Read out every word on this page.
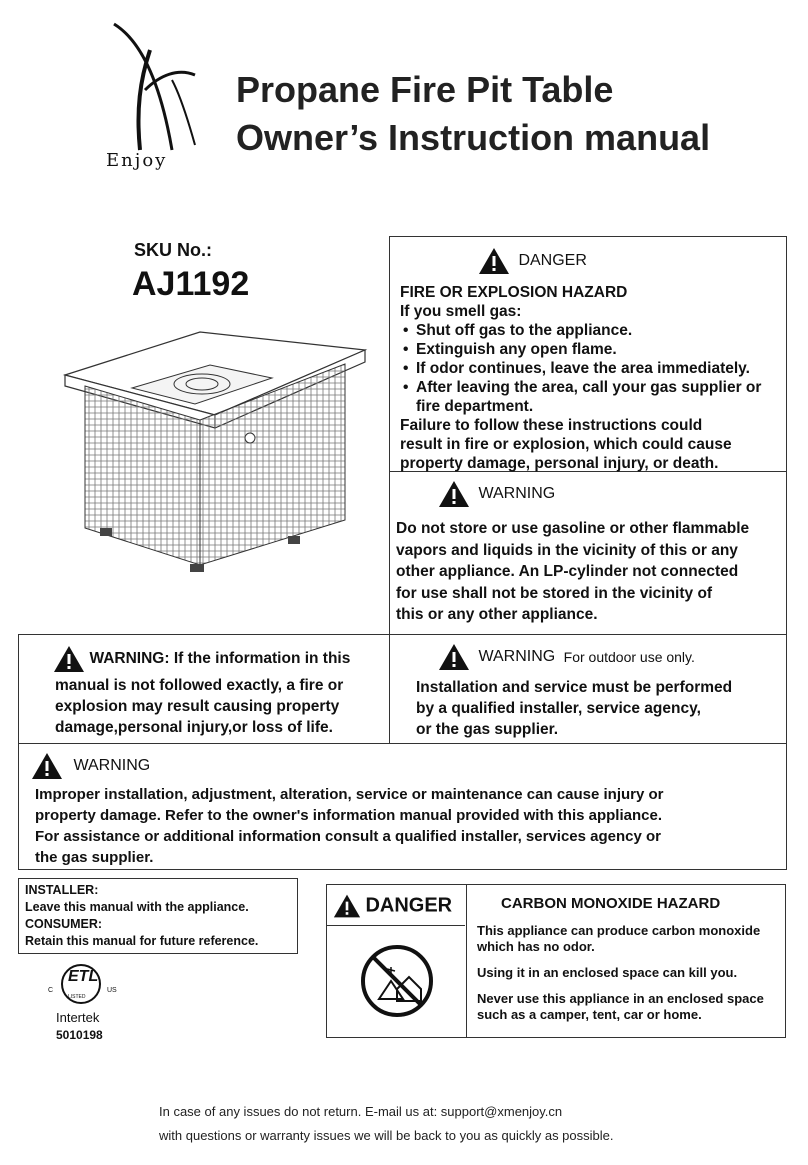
Enjoy
Propane Fire Pit Table
Owner’s Instruction manual
SKU No.:
AJ1192
DANGER

FIRE OR EXPLOSION HAZARD

If you smell gas:

• Shut off gas to the appliance.
• Extinguish any open flame.
• If odor continues, leave the area immediately.
• After leaving the area, call your gas supplier or fire department.

Failure to follow these instructions could

result in fire or explosion, which could cause

property damage, personal injury, or death.

WARNING

Do not store or use gasoline or other flammable

vapors and liquids in the vicinity of this or any

other appliance. An LP-cylinder not connected

for use shall not be stored in the vicinity of

this or any other appliance.

WARNING: If the information in this

manual is not followed exactly, a fire or

explosion may result causing property

damage,personal injury,or loss of life.

WARNING For outdoor use only.

Installation and service must be performed

by a qualified installer, service agency,

or the gas supplier.

WARNING

Improper installation, adjustment, alteration, service or maintenance can cause injury or

property damage. Refer to the owner's information manual provided with this appliance.

For assistance or additional information consult a qualified installer, services agency or

the gas supplier.

INSTALLER:
Leave this manual with the appliance.
CONSUMER:
Retain this manual for future reference.
ETL
C	US
LISTED
Intertek
5010198
DANGER	CARBON MONOXIDE HAZARD

This appliance can produce carbon monoxide which has no odor.

Using it in an enclosed space can kill you.

Never use this appliance in an enclosed space such as a camper, tent, car or home.

In case of any issues do not return. E-mail us at: support@xmenjoy.cn
with questions or warranty issues we will be back to you as quickly as possible.
